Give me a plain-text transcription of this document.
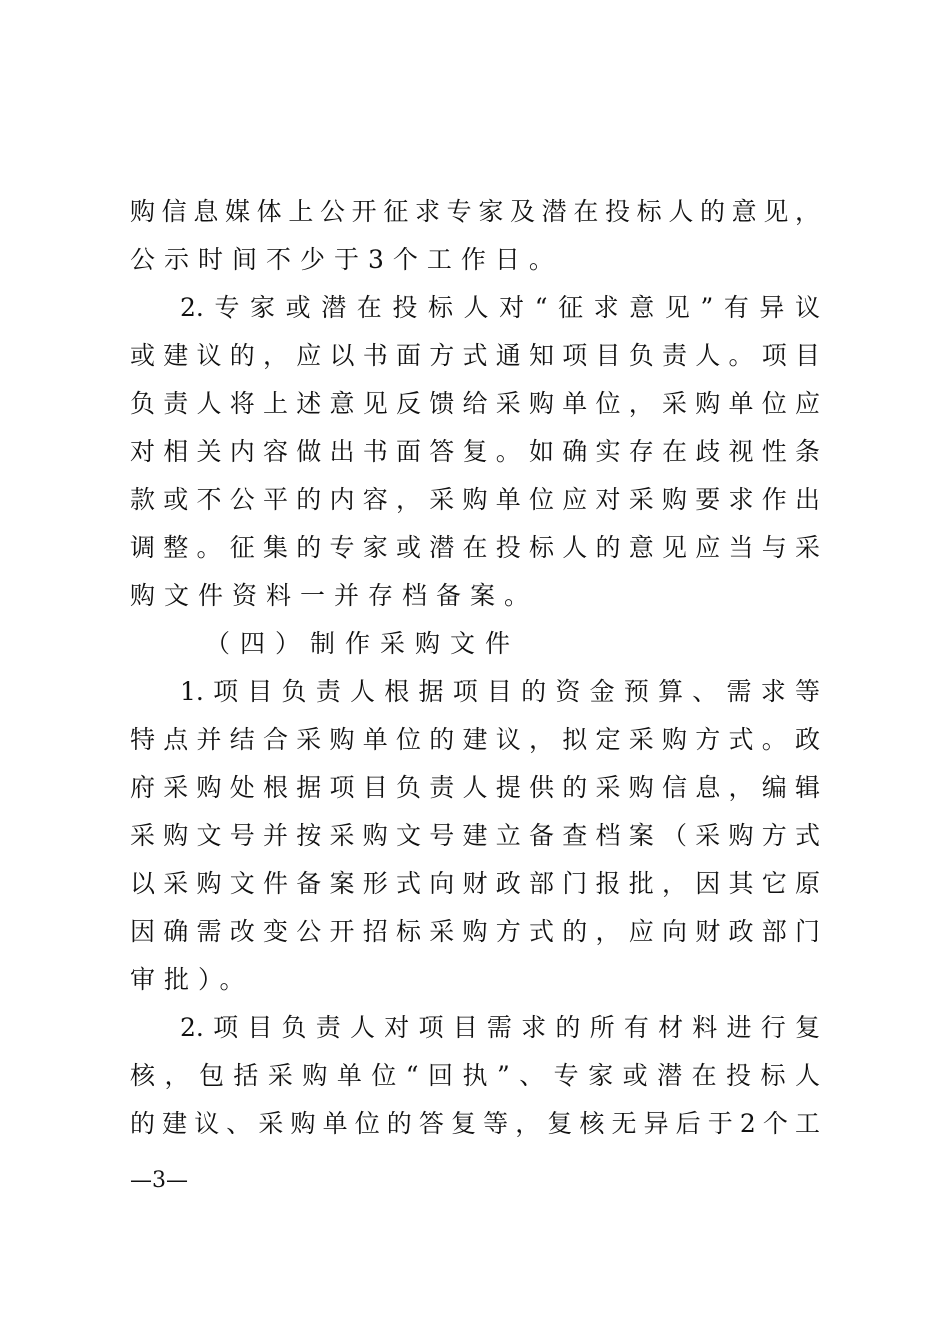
购信息媒体上公开征求专家及潜在投标人的意见，
公示时间不少于3个工作日。
2.专家或潜在投标人对“征求意见”有异议
或建议的，应以书面方式通知项目负责人。项目
负责人将上述意见反馈给采购单位，采购单位应
对相关内容做出书面答复。如确实存在歧视性条
款或不公平的内容，采购单位应对采购要求作出
调整。征集的专家或潜在投标人的意见应当与采
购文件资料一并存档备案。
（四）制作采购文件
1.项目负责人根据项目的资金预算、需求等
特点并结合采购单位的建议，拟定采购方式。政
府采购处根据项目负责人提供的采购信息，编辑
采购文号并按采购文号建立备查档案（采购方式
以采购文件备案形式向财政部门报批，因其它原
因确需改变公开招标采购方式的，应向财政部门
审批）。
2.项目负责人对项目需求的所有材料进行复
核，包括采购单位“回执”、专家或潜在投标人
的建议、采购单位的答复等，复核无异后于2个工
—3—
